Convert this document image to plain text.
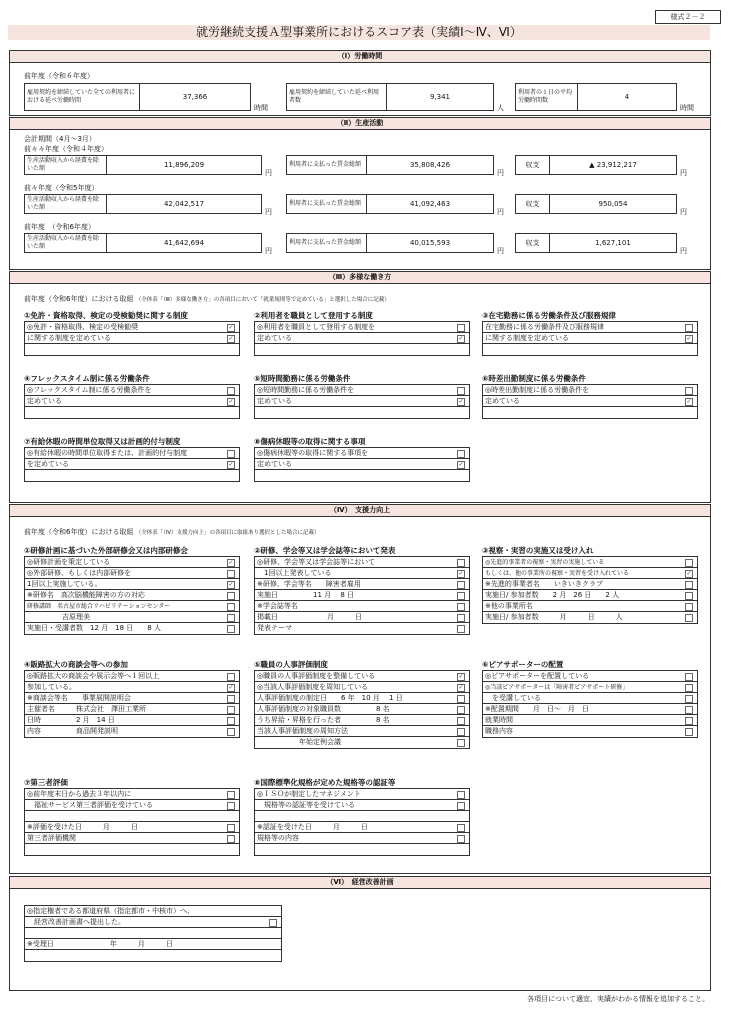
様式２－２
就労継続支援Ａ型事業所におけるスコア表（実績Ⅰ～Ⅳ、Ⅵ）
（Ⅰ）労働時間
前年度（令和６年度）
雇用契約を締結していた全ての利用者における延べ労働時間	37,366
時間
雇用契約を締結していた延べ利用者数	9,341
人
利用者の１日の平均労働時間数	4
時間
（Ⅱ）生産活動
会計期間（4月～3月）
前々々年度（令和４年度）
生産活動収入から経費を除いた額	11,896,209
円
利用者に支払った賃金総額	35,808,426
円
収支	▲ 23,912,217
円
前々年度（令和5年度）
生産活動収入から経費を除いた額	42,042,517
円
利用者に支払った賃金総額	41,092,463
円
収支	950,054
円
前年度　（令和6年度）
生産活動収入から経費を除いた額	41,642,694
円
利用者に支払った賃金総額	40,015,593
円
収支	1,627,101
円
（Ⅲ）多様な働き方
前年度（令和6年度）における取組 （全体表「（Ⅲ）多様な働き方」の各項目において「就業規則等で定めている」と選択した場合に記載）
①免許・資格取得、検定の受検勧奨に関する制度
◎免許・資格取得、検定の受検勧奨
✓
に関する制度を定めている
✓
②利用者を職員として登用する制度
◎利用者を職員として登用する制度を
定めている
✓
③在宅勤務に係る労働条件及び服務規律
在宅勤務に係る労働条件及び服務規律
に関する制度を定めている
✓
④フレックスタイム制に係る労働条件
◎フレックスタイム制に係る労働条件を
定めている
✓
⑤短時間勤務に係る労働条件
◎短時間勤務に係る労働条件を
定めている
✓
⑥時差出勤制度に係る労働条件
◎時差出勤制度に係る労働条件を
定めている
✓
⑦有給休暇の時間単位取得又は計画的付与制度
◎有給休暇の時間単位取得または、計画的付与制度
を定めている
✓
⑧傷病休暇等の取得に関する事項
◎傷病休暇等の取得に関する事項を
定めている
✓
（Ⅳ）　支援力向上
前年度（令和6年度）における取組 （全体表「（Ⅳ）支援力向上」の各項目に取組あり選択とした場合に記載）
①研修計画に基づいた外部研修会又は内部研修会
◎研修計画を策定している
✓
◎外部研修、もしくは内部研修を
1回以上実施している。
✓
※研修名　高次脳機能障害の方の対応
研修講師　名古屋市総合リハビリテーションセンター
　　　　　吉原理美
実施日・受講者数　12 月　18 日　　8 人
②研修、学会等又は学会誌等において発表
◎研修、学会等又は学会誌等において
　1回以上発表している
✓
※研修、学会等名　　障害者雇用
実施日　　　　　11 月　 8 日
※学会誌等名
掲載日　　　　　　　月　　　日
発表テーマ
③視察・実習の実施又は受け入れ
◎先進的事業者の視察・実習の実施している
もしくは、他の事業所の視察・実習を受け入れている
✓
※先進的事業者名　　いきいきクラブ
実施日/ 参加者数　　2 月　26 日　　2 人
※他の事業所名
実施日/ 参加者数　　　月　　　日　　　人
④販路拡大の商談会等への参加
◎販路拡大の商談会や展示会等へ１回以上
参加している。
✓
※商談会等名　　事業展開説明会
主催者名　　　株式会社　澤田工業所
日時　　　　　2 月　14 日
内容　　　　　商品開発説明
⑤職員の人事評価制度
◎職員の人事評価制度を整備している
✓
◎当該人事評価制度を周知している
✓
人事評価制度の制定日　　6 年　10 月　 1 日
人事評価制度の対象職員数　　　　　8 名
うち昇給・昇格を行った者　　　　　8 名
当該人事評価制度の周知方法
　　　　　　年始定例会議
⑥ピアサポーターの配置
◎ピアサポーターを配置している
◎当該ピアサポーターは「障害者ピアサポート研修」
　を受講している
※配置期間　　月　日～　月　日
就業時間
職務内容
⑦第三者評価
◎前年度末日から過去３年以内に
　福祉サービス第三者評価を受けている
※評価を受けた日　　　月　　　日
第三者評価機関
⑧国際標準化規格が定めた規格等の認証等
◎ＩＳＯが制定したマネジメント
　規格等の認証等を受けている
※認証を受けた日　　　月　　　日
規格等の内容
（Ⅵ）　経営改善計画
◎指定権者である都道府県（指定都市・中核市）へ、
　経営改善計画書へ提出した。
※受理日　　　　　　　　年　　　月　　　日
各項目について適宜、実績がわかる情報を追加すること。
